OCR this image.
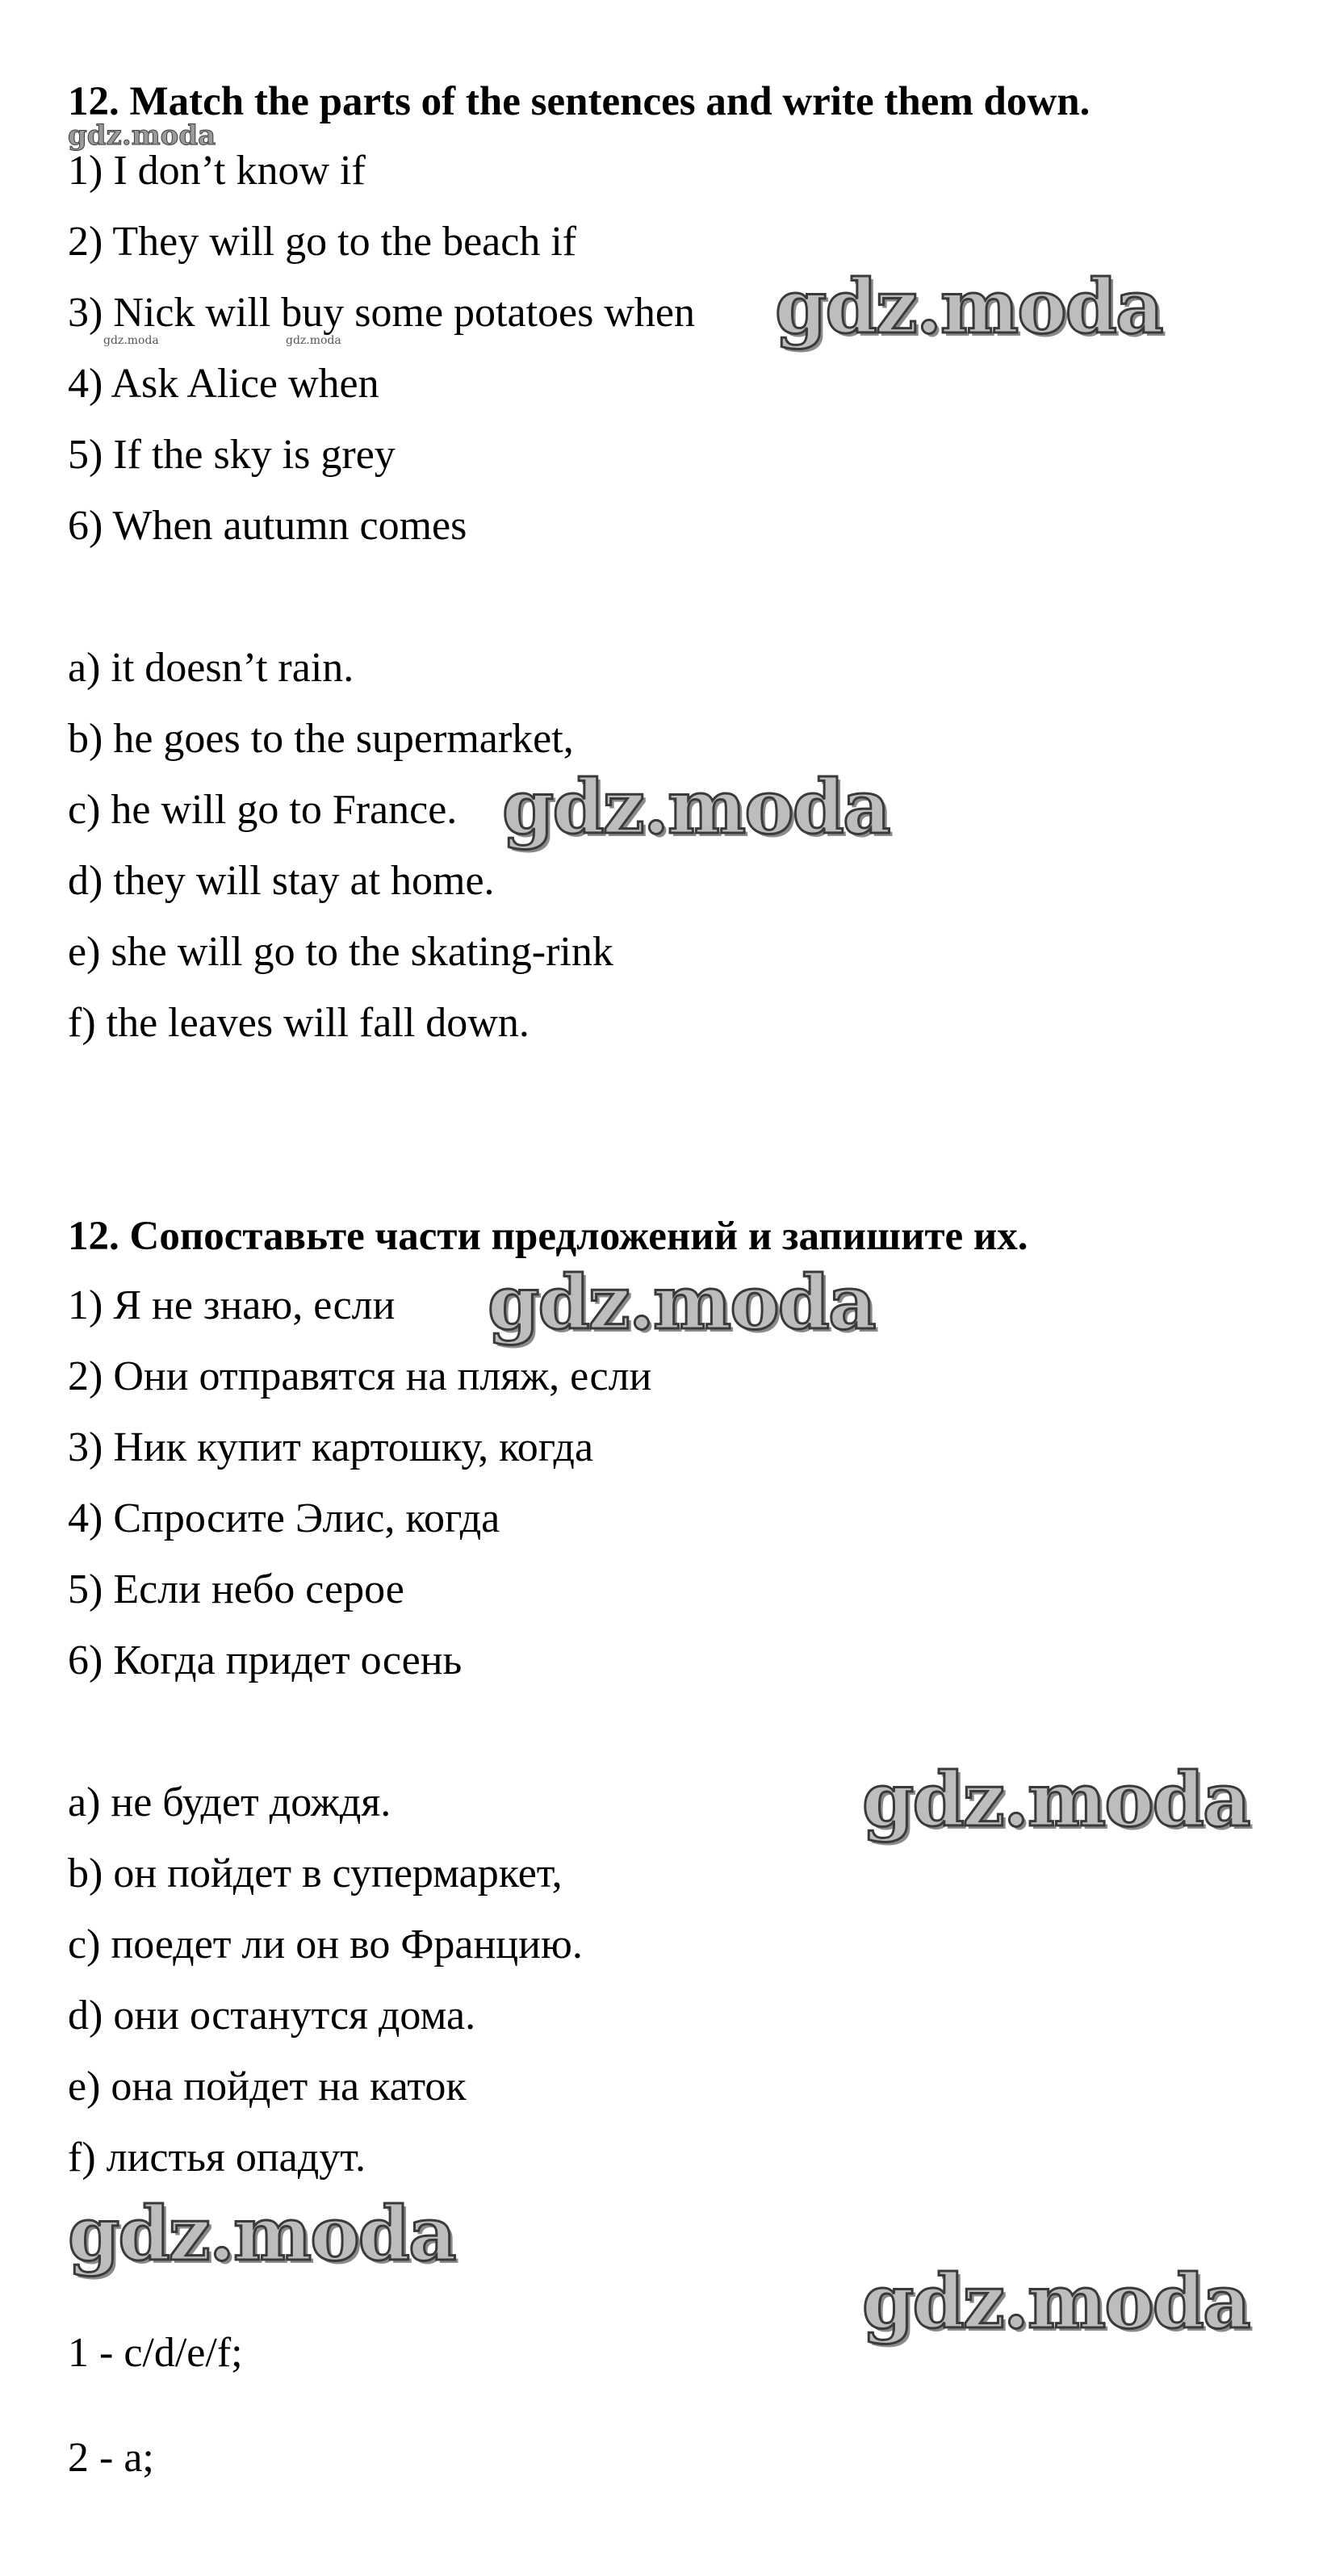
12. Match the parts of the sentences and write them down.
gdz.moda
1) I don’t know if
2) They will go to the beach if
3) Nick will buy some potatoes when
gdz.moda	gdz.moda
4) Ask Alice when
5) If the sky is grey
6) When autumn comes
gdz.moda
a) it doesn’t rain.
b) he goes to the supermarket,
c) he will go to France. gdz.moda
d) they will stay at home.
e) she will go to the skating-rink
f) the leaves will fall down.
12. Сопоставьте части предложений и запишите их.
1) Я не знаю, если gdz.moda
2) Они отправятся на пляж, если
3) Ник купит картошку, когда
4) Спросите Элис, когда
5) Если небо серое
6) Когда придет осень
a) не будет дождя.	gdz.moda
b) он пойдет в супермаркет,
c) поедет ли он во Францию.
d) они останутся дома.
e) она пойдет на каток
f) листья опадут.
gdz.moda
gdz.moda
1 - c/d/e/f;
2 - a;
